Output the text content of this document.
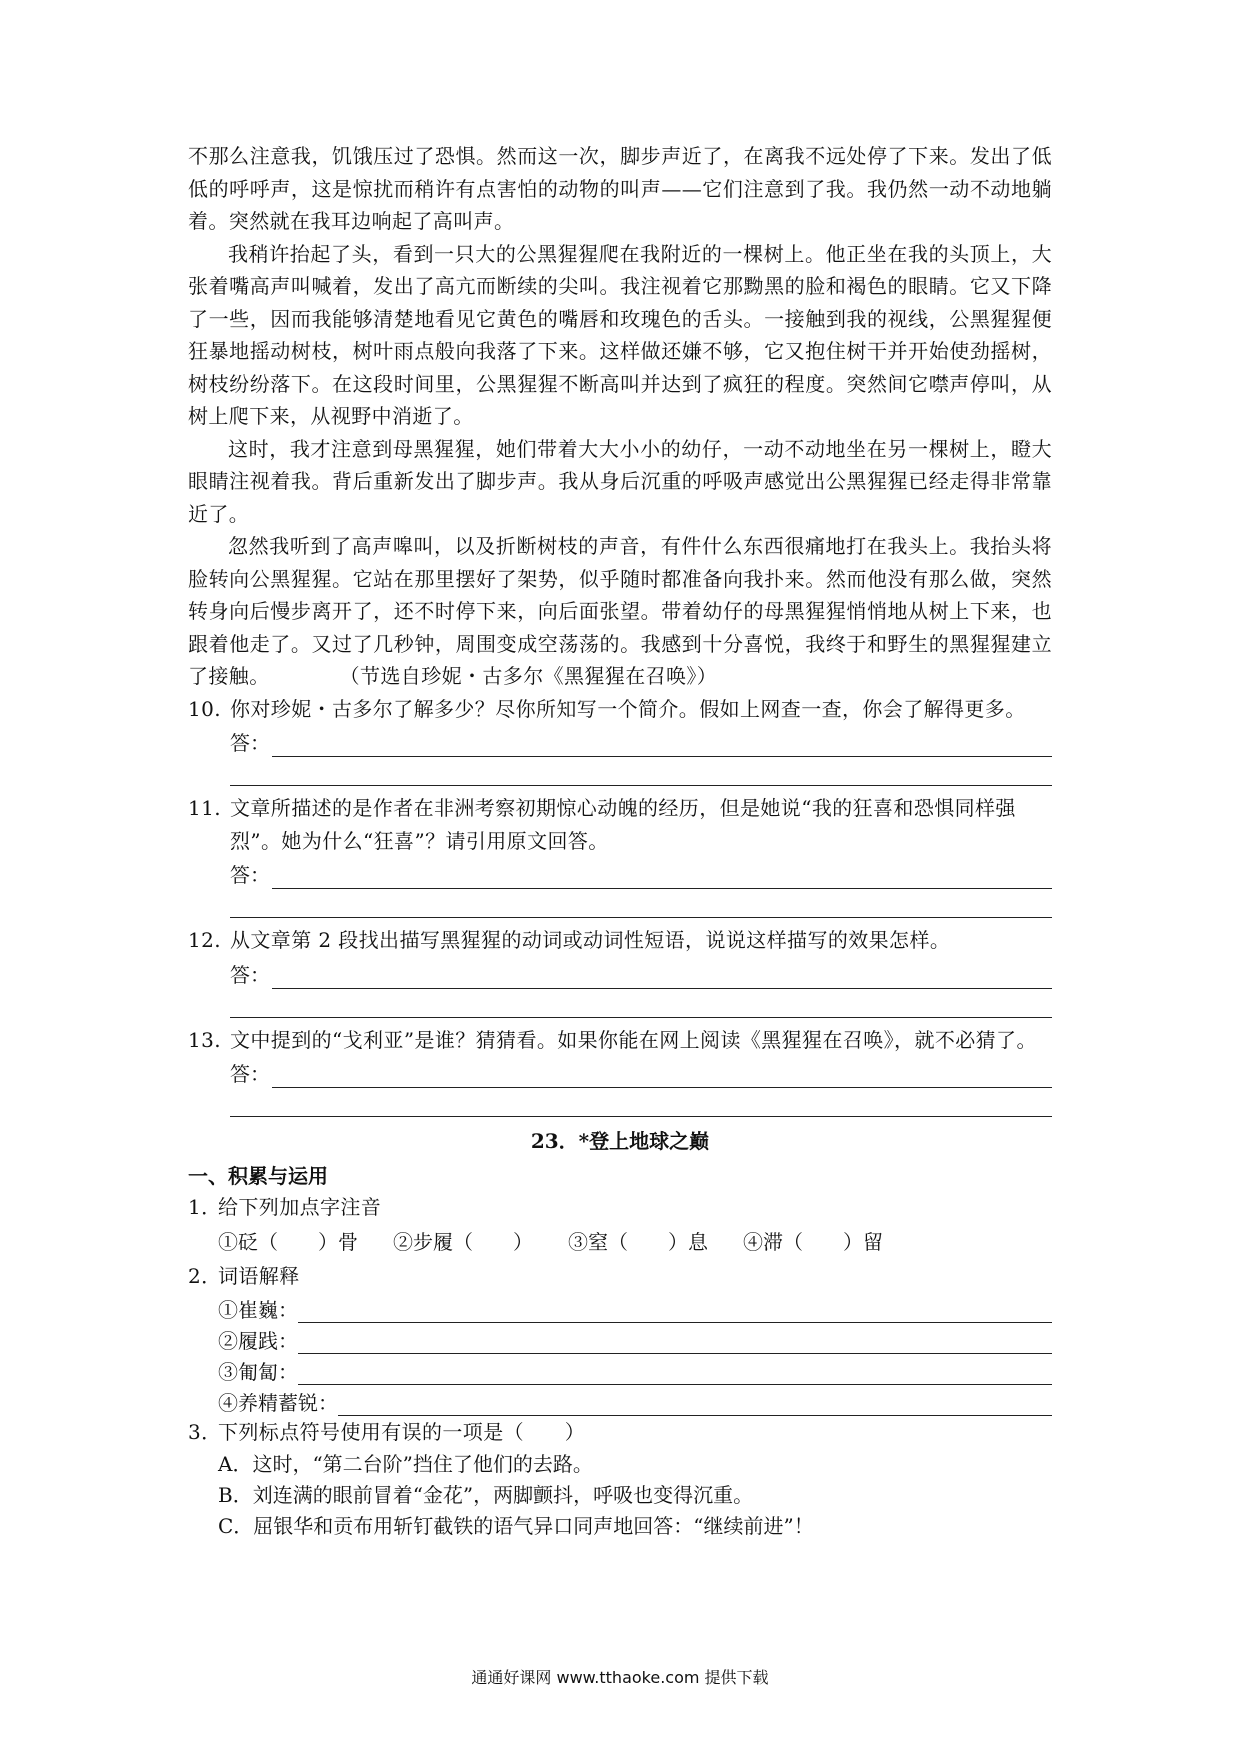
不那么注意我，饥饿压过了恐惧。然而这一次，脚步声近了，在离我不远处停了下来。发出了低低的呼呼声，这是惊扰而稍许有点害怕的动物的叫声——它们注意到了我。我仍然一动不动地躺着。突然就在我耳边响起了高叫声。

我稍许抬起了头，看到一只大的公黑猩猩爬在我附近的一棵树上。他正坐在我的头顶上，大张着嘴高声叫喊着，发出了高亢而断续的尖叫。我注视着它那黝黑的脸和褐色的眼睛。它又下降了一些，因而我能够清楚地看见它黄色的嘴唇和玫瑰色的舌头。一接触到我的视线，公黑猩猩便狂暴地摇动树枝，树叶雨点般向我落了下来。这样做还嫌不够，它又抱住树干并开始使劲摇树，树枝纷纷落下。在这段时间里，公黑猩猩不断高叫并达到了疯狂的程度。突然间它噤声停叫，从树上爬下来，从视野中消逝了。

这时，我才注意到母黑猩猩，她们带着大大小小的幼仔，一动不动地坐在另一棵树上，瞪大眼睛注视着我。背后重新发出了脚步声。我从身后沉重的呼吸声感觉出公黑猩猩已经走得非常靠近了。

忽然我听到了高声嗥叫，以及折断树枝的声音，有件什么东西很痛地打在我头上。我抬头将脸转向公黑猩猩。它站在那里摆好了架势，似乎随时都准备向我扑来。然而他没有那么做，突然转身向后慢步离开了，还不时停下来，向后面张望。带着幼仔的母黑猩猩悄悄地从树上下来，也跟着他走了。又过了几秒钟，周围变成空荡荡的。我感到十分喜悦，我终于和野生的黑猩猩建立了接触。	（节选自珍妮・古多尔《黑猩猩在召唤》）

10. 你对珍妮・古多尔了解多少？尽你所知写一个简介。假如上网查一查，你会了解得更多。

答：

11. 文章所描述的是作者在非洲考察初期惊心动魄的经历，但是她说“我的狂喜和恐惧同样强烈”。她为什么“狂喜”？请引用原文回答。

答：

12. 从文章第 2 段找出描写黑猩猩的动词或动词性短语，说说这样描写的效果怎样。

答：

13. 文中提到的“戈利亚”是谁？猜猜看。如果你能在网上阅读《黑猩猩在召唤》，就不必猜了。

答：

23．*登上地球之巅

一、积累与运用

1．
给下列加点字注音

①砭（　　）骨	②步履（　　）	③窒（　　）息	④滞（　　）留

2．
词语解释

①崔巍：
②履践：
③匍匐：
④养精蓄锐：

3．
下列标点符号使用有误的一项是（　　）

A．这时，“第二台阶”挡住了他们的去路。
B．刘连满的眼前冒着“金花”，两脚颤抖，呼吸也变得沉重。
C．屈银华和贡布用斩钉截铁的语气异口同声地回答：“继续前进”！
通通好课网 www.tthaoke.com 提供下载
